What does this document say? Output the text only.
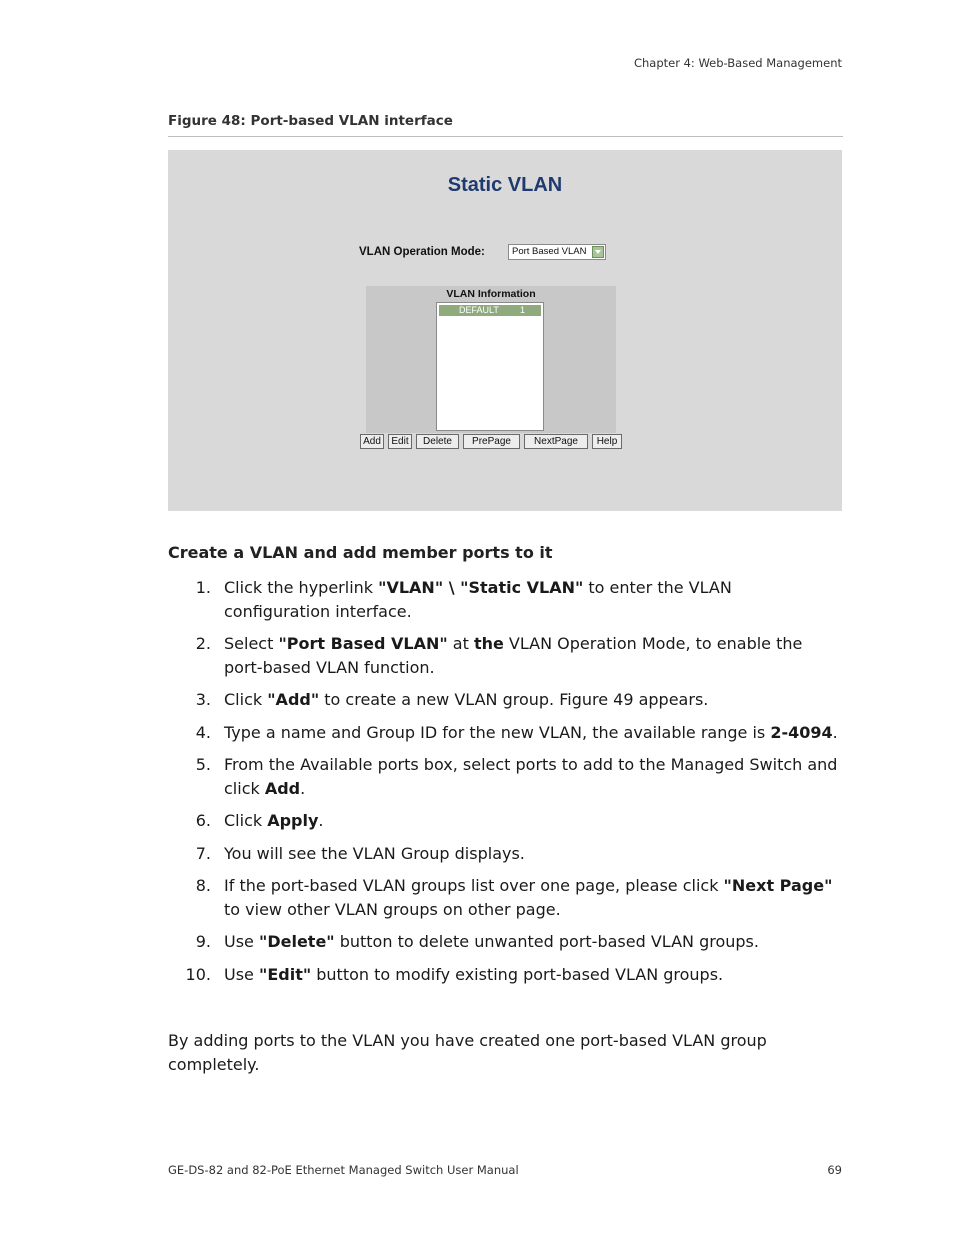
Chapter 4: Web-Based Management
Figure 48: Port-based VLAN interface
Static VLAN
VLAN Operation Mode:	Port Based VLAN
VLAN Information
DEFAULT 1
Add	Edit	Delete	PrePage	NextPage	Help
Create a VLAN and add member ports to it
1. Click the hyperlink "VLAN" \ "Static VLAN" to enter the VLAN configuration interface.
2. Select "Port Based VLAN" at the VLAN Operation Mode, to enable the port-based VLAN function.
3. Click "Add" to create a new VLAN group. Figure 49 appears.
4. Type a name and Group ID for the new VLAN, the available range is 2-4094.
5. From the Available ports box, select ports to add to the Managed Switch and click Add.
6. Click Apply.
7. You will see the VLAN Group displays.
8. If the port-based VLAN groups list over one page, please click "Next Page" to view other VLAN groups on other page.
9. Use "Delete" button to delete unwanted port-based VLAN groups.
10. Use "Edit" button to modify existing port-based VLAN groups.

By adding ports to the VLAN you have created one port-based VLAN group completely.

GE-DS-82 and 82-PoE Ethernet Managed Switch User Manual	69
